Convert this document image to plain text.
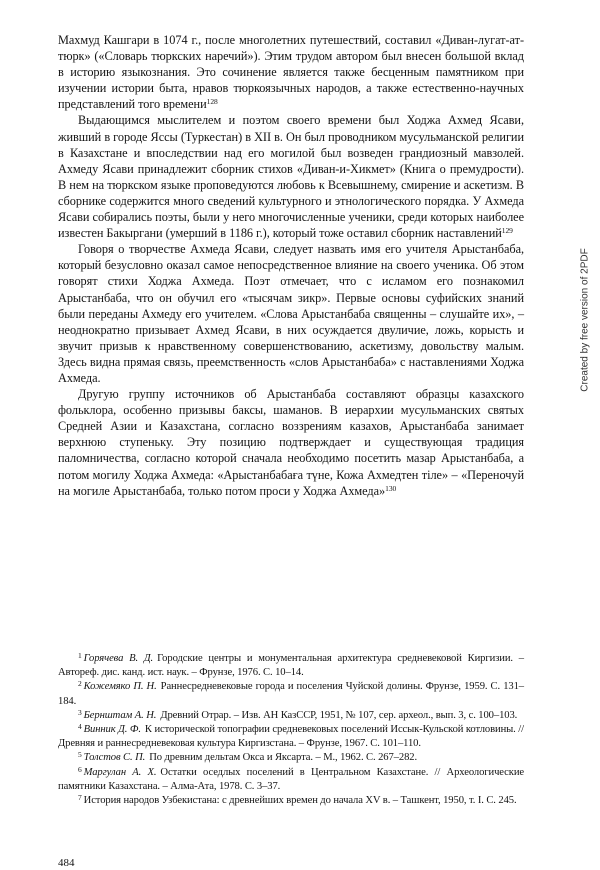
Махмуд Кашгари в 1074 г., после многолетних путешествий, составил «Диван-лугат-ат-тюрк» («Словарь тюркских наречий»). Этим трудом автором был внесен большой вклад в историю языкознания. Это сочинение является также бесценным памятником при изучении истории быта, нравов тюркоязычных народов, а также естественно-научных представлений того времени$^{128}$

Выдающимся мыслителем и поэтом своего времени был Ходжа Ахмед Ясави, живший в городе Яссы (Туркестан) в XII в. Он был проводником мусульманской религии в Казахстане и впоследствии над его могилой был возведен грандиозный мавзолей. Ахмеду Ясави принадлежит сборник стихов «Диван-и-Хикмет» (Книга о премудрости). В нем на тюркском языке проповедуются любовь к Всевышнему, смирение и аскетизм. В сборнике содержится много сведений культурного и этнологического порядка. У Ахмеда Ясави собирались поэты, были у него многочисленные ученики, среди которых наиболее известен Бакыргани (умерший в 1186 г.), который тоже оставил сборник наставлений$^{129}$

Говоря о творчестве Ахмеда Ясави, следует назвать имя его учителя Арыстанбаба, который безусловно оказал самое непосредственное влияние на своего ученика. Об этом говорят стихи Ходжа Ахмеда. Поэт отмечает, что с исламом его познакомил Арыстанбаба, что он обучил его «тысячам зикр». Первые основы суфийских знаний были переданы Ахмеду его учителем. «Слова Арыстанбаба священны – слушайте их», – неоднократно призывает Ахмед Ясави, в них осуждается двуличие, ложь, корысть и звучит призыв к нравственному совершенствованию, аскетизму, довольству малым. Здесь видна прямая связь, преемственность «слов Арыстанбаба» с наставлениями Ходжа Ахмеда.

Другую группу источников об Арыстанбаба составляют образцы казахского фольклора, особенно призывы баксы, шаманов. В иерархии мусульманских святых Средней Азии и Казахстана, согласно воззрениям казахов, Арыстанбаба занимает верхнюю ступеньку. Эту позицию подтверждает и существующая традиция паломничества, согласно которой сначала необходимо посетить мазар Арыстанбаба, а потом могилу Ходжа Ахмеда: «Арыстанбабаға түне, Кожа Ахмедтен тіле» – «Переночуй на могиле Арыстанбаба, только потом проси у Ходжа Ахмеда»$^{130}$

$^1$ Горячева В. Д. Городские центры и монументальная архитектура средневековой Киргизии. – Автореф. дис. канд. ист. наук. – Фрунзе, 1976. С. 10–14.

$^2$ Кожемяко П. Н. Раннесредневековые города и поселения Чуйской долины. Фрунзе, 1959. С. 131–184.

$^3$ Бернштам А. Н. Древний Отрар. – Изв. АН КазССР, 1951, № 107, сер. археол., вып. 3, с. 100–103.

$^4$ Винник Д. Ф. К исторической топографии средневековых поселений Иссык-Кульской котловины. // Древняя и раннесредневековая культура Киргизстана. – Фрунзе, 1967. С. 101–110.

$^5$ Толстов С. П. По древним дельтам Окса и Яксарта. – М., 1962. С. 267–282.

$^6$ Маргулан А. Х. Остатки оседлых поселений в Центральном Казахстане. // Археологические памятники Казахстана. – Алма-Ата, 1978. С. 3–37.

$^7$ История народов Узбекистана: с древнейших времен до начала XV в. – Ташкент, 1950, т. I. С. 245.

484
Created by free version of 2PDF
